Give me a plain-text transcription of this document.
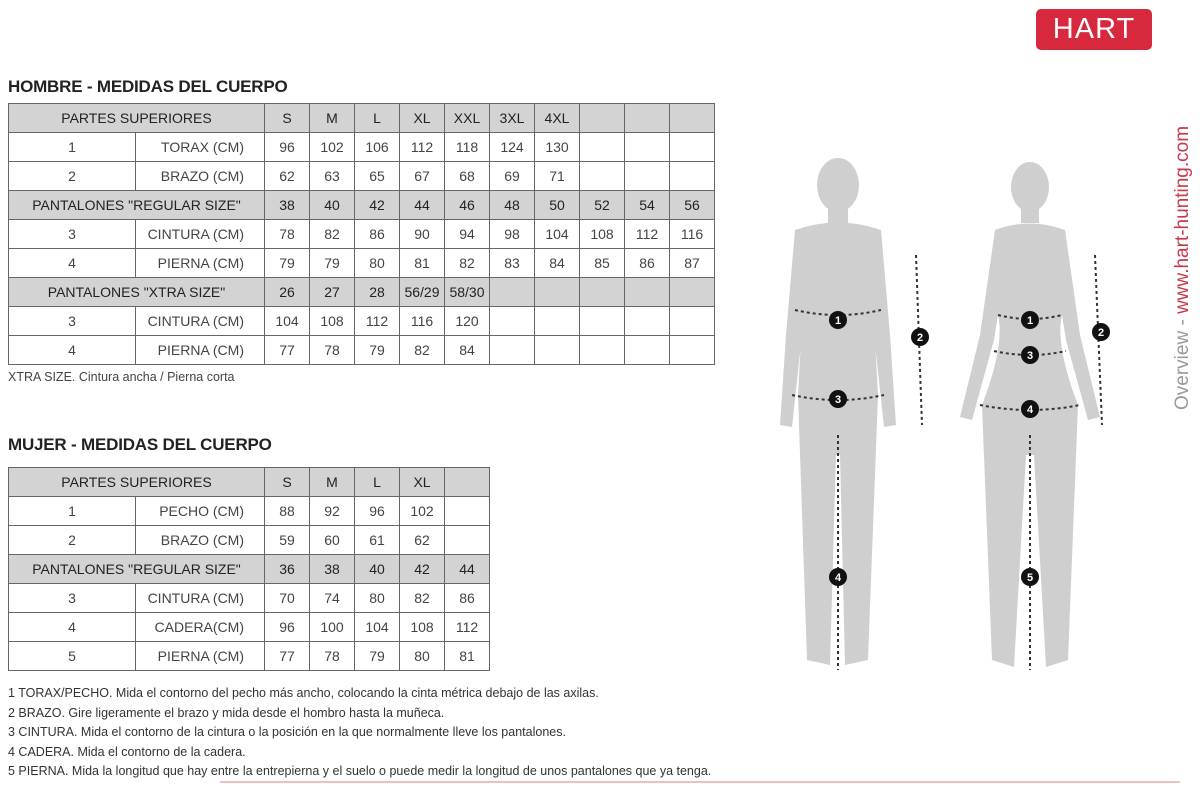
HART
Overview - www.hart-hunting.com
HOMBRE - MEDIDAS DEL CUERPO
PARTES SUPERIORES		S	M	L	XL	XXL	3XL	4XL			
1	TORAX (CM)	96	102	106	112	118	124	130			
2	BRAZO (CM)	62	63	65	67	68	69	71			
PANTALONES "REGULAR SIZE"		38	40	42	44	46	48	50	52	54	56
3	CINTURA (CM)	78	82	86	90	94	98	104	108	112	116
4	PIERNA (CM)	79	79	80	81	82	83	84	85	86	87
PANTALONES "XTRA SIZE"		26	27	28	56/29	58/30					
3	CINTURA (CM)	104	108	112	116	120					
4	PIERNA (CM)	77	78	79	82	84					
XTRA SIZE. Cintura ancha / Pierna corta
MUJER - MEDIDAS DEL CUERPO
PARTES SUPERIORES		S	M	L	XL	
1	PECHO (CM)	88	92	96	102	
2	BRAZO (CM)	59	60	61	62	
PANTALONES "REGULAR SIZE"		36	38	40	42	44
3	CINTURA (CM)	70	74	80	82	86
4	CADERA(CM)	96	100	104	108	112
5	PIERNA (CM)	77	78	79	80	81
1 TORAX/PECHO. Mida el contorno del pecho más ancho, colocando la cinta métrica debajo de las axilas.
2 BRAZO. Gire ligeramente el brazo y mida desde el hombro hasta la muñeca.
3 CINTURA. Mida el contorno de la cintura o la posición en la que normalmente lleve los pantalones.
4 CADERA. Mida el contorno de la cadera.
5 PIERNA. Mida la longitud que hay entre la entrepierna y el suelo o puede medir la longitud de unos pantalones que ya tenga.
1
2
3
4
1
2
3
4
5
